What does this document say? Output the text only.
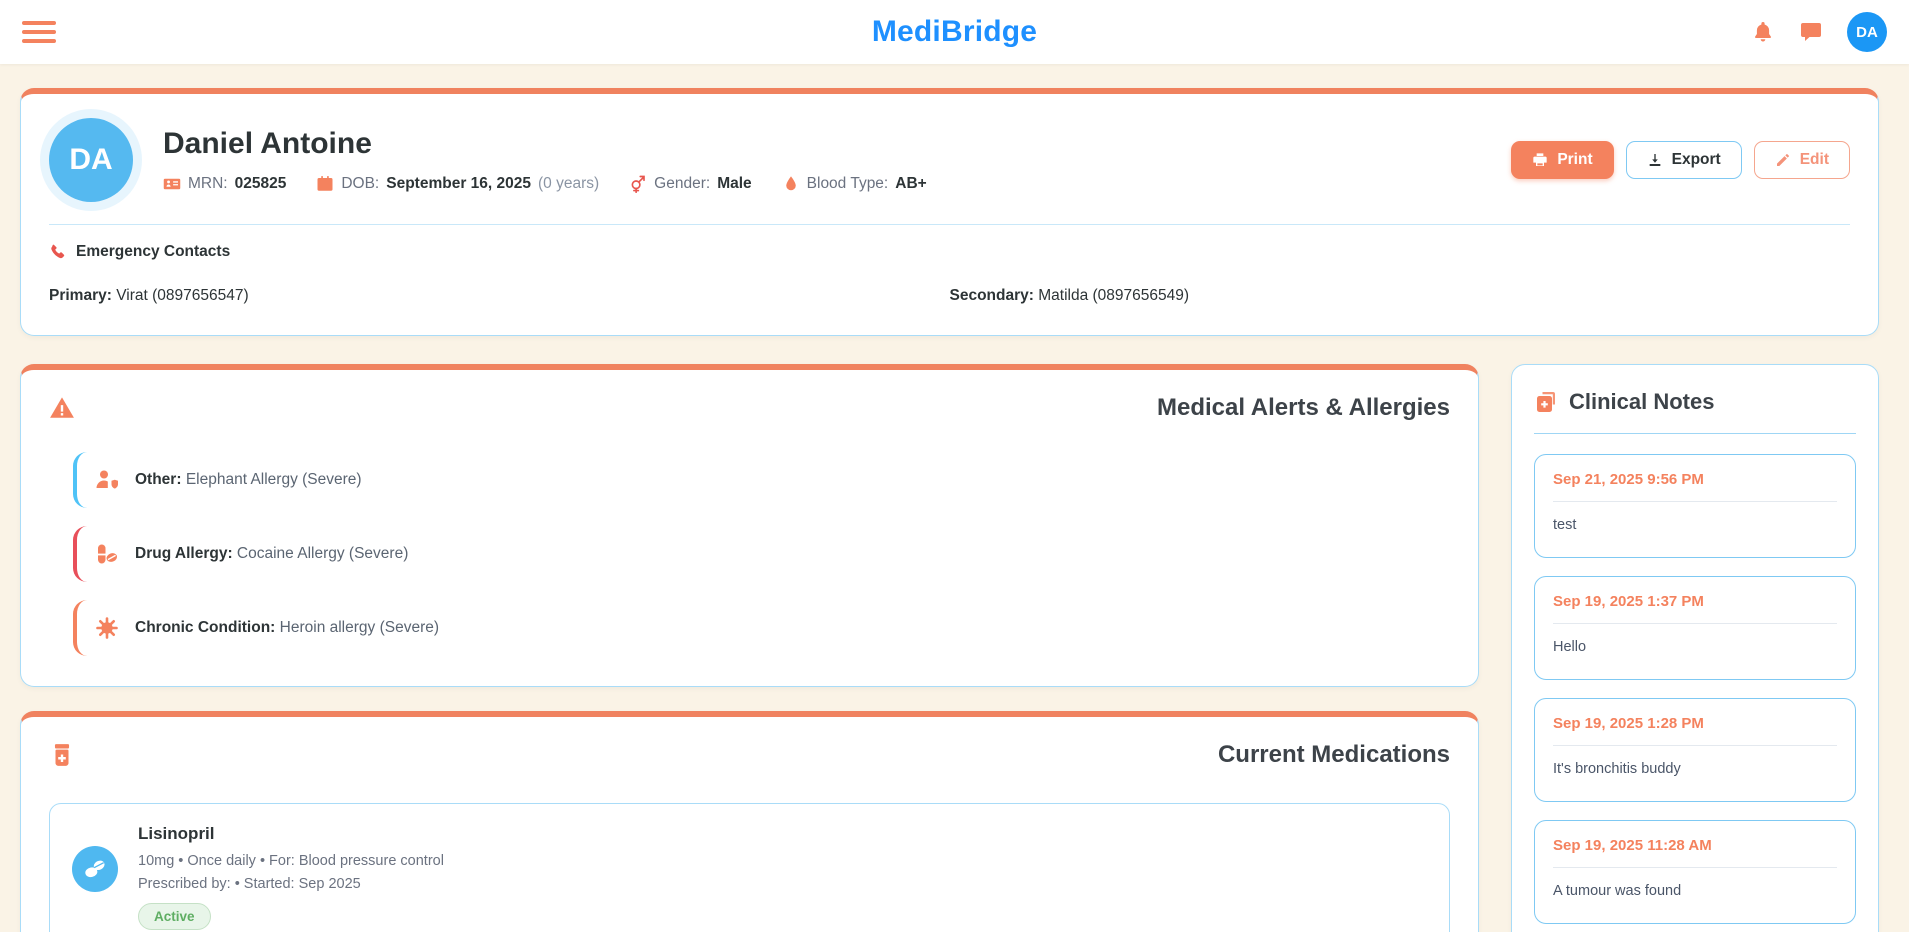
MediBridge	DA
DA	Daniel Antoine
MRN: 025825	DOB: September 16, 2025 (0 years)	Gender: Male	Blood Type: AB+
Print	Export	Edit
Emergency Contacts
Primary: Virat (0897656547)	Secondary: Matilda (0897656549)
Medical Alerts & Allergies
Other: Elephant Allergy (Severe)
Drug Allergy: Cocaine Allergy (Severe)
Chronic Condition: Heroin allergy (Severe)
Current Medications
Lisinopril
10mg • Once daily • For: Blood pressure control
Prescribed by: • Started: Sep 2025
Active
Clinical Notes
Sep 21, 2025 9:56 PM
test
Sep 19, 2025 1:37 PM
Hello
Sep 19, 2025 1:28 PM
It's bronchitis buddy
Sep 19, 2025 11:28 AM
A tumour was found
